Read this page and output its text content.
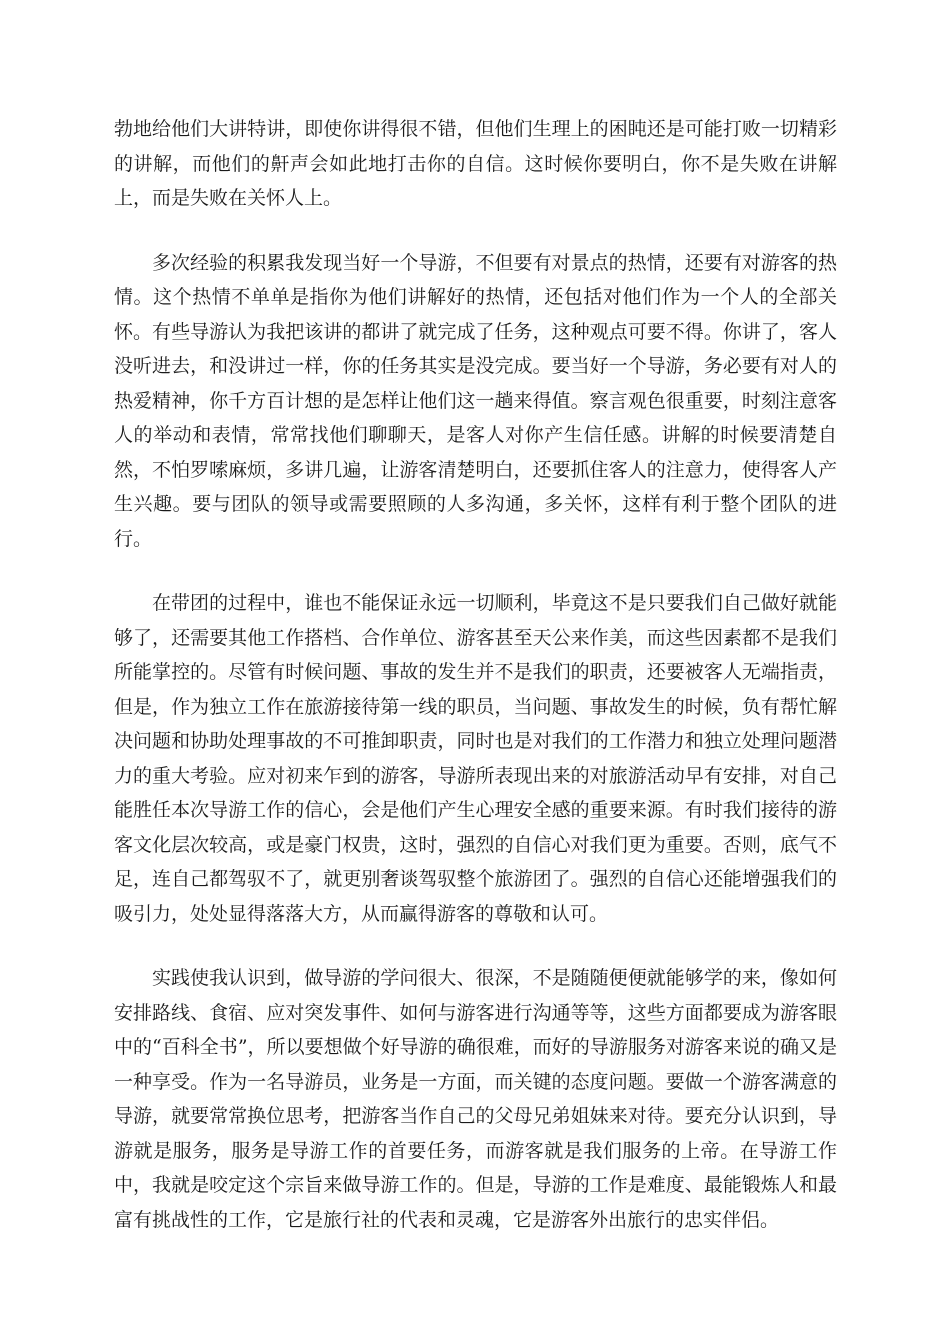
勃地给他们大讲特讲，即使你讲得很不错，但他们生理上的困盹还是可能打败一切精彩的讲解，而他们的鼾声会如此地打击你的自信。这时候你要明白，你不是失败在讲解上，而是失败在关怀人上。

多次经验的积累我发现当好一个导游，不但要有对景点的热情，还要有对游客的热情。这个热情不单单是指你为他们讲解好的热情，还包括对他们作为一个人的全部关怀。有些导游认为我把该讲的都讲了就完成了任务，这种观点可要不得。你讲了，客人没听进去，和没讲过一样，你的任务其实是没完成。要当好一个导游，务必要有对人的热爱精神，你千方百计想的是怎样让他们这一趟来得值。察言观色很重要，时刻注意客人的举动和表情，常常找他们聊聊天，是客人对你产生信任感。讲解的时候要清楚自然，不怕罗嗦麻烦，多讲几遍，让游客清楚明白，还要抓住客人的注意力，使得客人产生兴趣。要与团队的领导或需要照顾的人多沟通，多关怀，这样有利于整个团队的进行。

在带团的过程中，谁也不能保证永远一切顺利，毕竟这不是只要我们自己做好就能够了，还需要其他工作搭档、合作单位、游客甚至天公来作美，而这些因素都不是我们所能掌控的。尽管有时候问题、事故的发生并不是我们的职责，还要被客人无端指责，但是，作为独立工作在旅游接待第一线的职员，当问题、事故发生的时候，负有帮忙解决问题和协助处理事故的不可推卸职责，同时也是对我们的工作潜力和独立处理问题潜力的重大考验。应对初来乍到的游客，导游所表现出来的对旅游活动早有安排，对自己能胜任本次导游工作的信心，会是他们产生心理安全感的重要来源。有时我们接待的游客文化层次较高，或是豪门权贵，这时，强烈的自信心对我们更为重要。否则，底气不足，连自己都驾驭不了，就更别奢谈驾驭整个旅游团了。强烈的自信心还能增强我们的吸引力，处处显得落落大方，从而赢得游客的尊敬和认可。

实践使我认识到，做导游的学问很大、很深，不是随随便便就能够学的来，像如何安排路线、食宿、应对突发事件、如何与游客进行沟通等等，这些方面都要成为游客眼中的“百科全书”，所以要想做个好导游的确很难，而好的导游服务对游客来说的确又是一种享受。作为一名导游员，业务是一方面，而关键的态度问题。要做一个游客满意的导游，就要常常换位思考，把游客当作自己的父母兄弟姐妹来对待。要充分认识到，导游就是服务，服务是导游工作的首要任务，而游客就是我们服务的上帝。在导游工作中，我就是咬定这个宗旨来做导游工作的。但是，导游的工作是难度、最能锻炼人和最富有挑战性的工作，它是旅行社的代表和灵魂，它是游客外出旅行的忠实伴侣。
